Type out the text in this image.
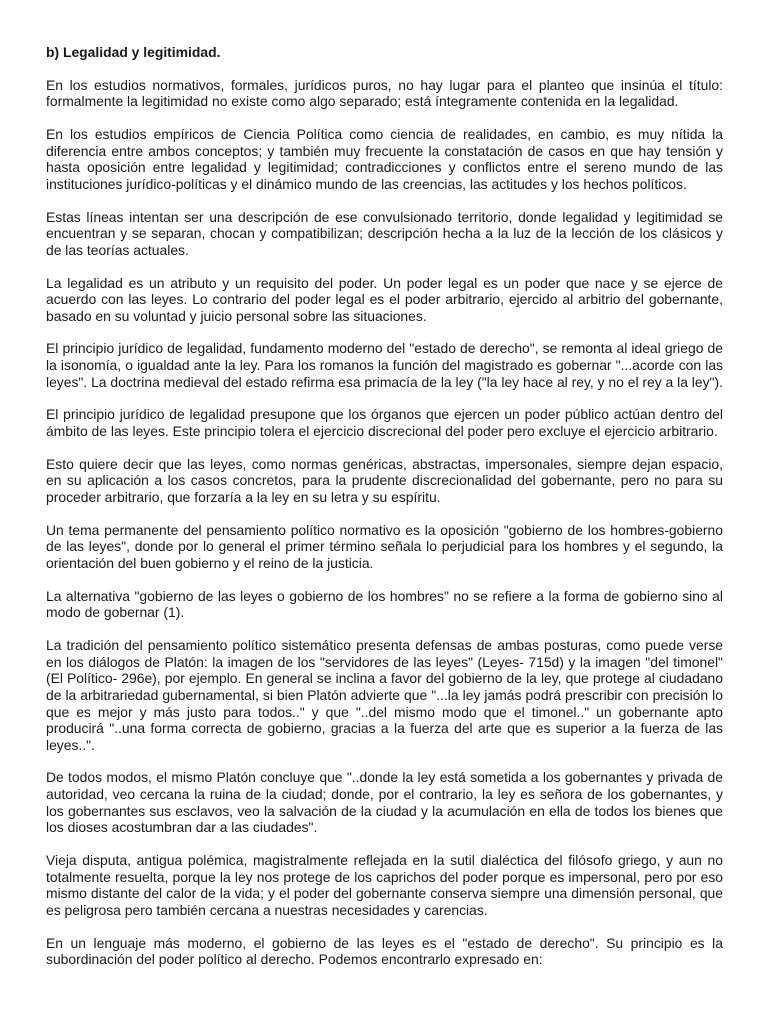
b) Legalidad y legitimidad.

En los estudios normativos, formales, jurídicos puros, no hay lugar para el planteo que insinúa el título: formalmente la legitimidad no existe como algo separado; está íntegramente contenida en la legalidad.

En los estudios empíricos de Ciencia Política como ciencia de realidades, en cambio, es muy nítida la diferencia entre ambos conceptos; y también muy frecuente la constatación de casos en que hay tensión y hasta oposición entre legalidad y legitimidad; contradicciones y conflictos entre el sereno mundo de las instituciones jurídico-políticas y el dinámico mundo de las creencias, las actitudes y los hechos políticos.

Estas líneas intentan ser una descripción de ese convulsionado territorio, donde legalidad y legitimidad se encuentran y se separan, chocan y compatibilizan; descripción hecha a la luz de la lección de los clásicos y de las teorías actuales.

La legalidad es un atributo y un requisito del poder. Un poder legal es un poder que nace y se ejerce de acuerdo con las leyes. Lo contrario del poder legal es el poder arbitrario, ejercido al arbitrio del gobernante, basado en su voluntad y juicio personal sobre las situaciones.

El principio jurídico de legalidad, fundamento moderno del "estado de derecho", se remonta al ideal griego de la isonomía, o igualdad ante la ley. Para los romanos la función del magistrado es gobernar "...acorde con las leyes". La doctrina medieval del estado refirma esa primacía de la ley ("la ley hace al rey, y no el rey a la ley").

El principio jurídico de legalidad presupone que los órganos que ejercen un poder público actúan dentro del ámbito de las leyes. Este principio tolera el ejercicio discrecional del poder pero excluye el ejercicio arbitrario.

Esto quiere decir que las leyes, como normas genéricas, abstractas, impersonales, siempre dejan espacio, en su aplicación a los casos concretos, para la prudente discrecionalidad del gobernante, pero no para su proceder arbitrario, que forzaría a la ley en su letra y su espíritu.

Un tema permanente del pensamiento político normativo es la oposición "gobierno de los hombres-gobierno de las leyes", donde por lo general el primer término señala lo perjudicial para los hombres y el segundo, la orientación del buen gobierno y el reino de la justicia.

La alternativa "gobierno de las leyes o gobierno de los hombres" no se refiere a la forma de gobierno sino al modo de gobernar (1).

La tradición del pensamiento político sistemático presenta defensas de ambas posturas, como puede verse en los diálogos de Platón: la imagen de los "servidores de las leyes" (Leyes- 715d) y la imagen "del timonel" (El Político- 296e), por ejemplo. En general se inclina a favor del gobierno de la ley, que protege al ciudadano de la arbitrariedad gubernamental, si bien Platón advierte que "...la ley jamás podrá prescribir con precisión lo que es mejor y más justo para todos.." y que "..del mismo modo que el timonel.." un gobernante apto producirá "..una forma correcta de gobierno, gracias a la fuerza del arte que es superior a la fuerza de las leyes..".

De todos modos, el mismo Platón concluye que "..donde la ley está sometida a los gobernantes y privada de autoridad, veo cercana la ruina de la ciudad; donde, por el contrario, la ley es señora de los gobernantes, y los gobernantes sus esclavos, veo la salvación de la ciudad y la acumulación en ella de todos los bienes que los dioses acostumbran dar a las ciudades".

Vieja disputa, antigua polémica, magistralmente reflejada en la sutil dialéctica del filósofo griego, y aun no totalmente resuelta, porque la ley nos protege de los caprichos del poder porque es impersonal, pero por eso mismo distante del calor de la vida; y el poder del gobernante conserva siempre una dimensión personal, que es peligrosa pero también cercana a nuestras necesidades y carencias.

En un lenguaje más moderno, el gobierno de las leyes es el "estado de derecho". Su principio es la subordinación del poder político al derecho. Podemos encontrarlo expresado en:
